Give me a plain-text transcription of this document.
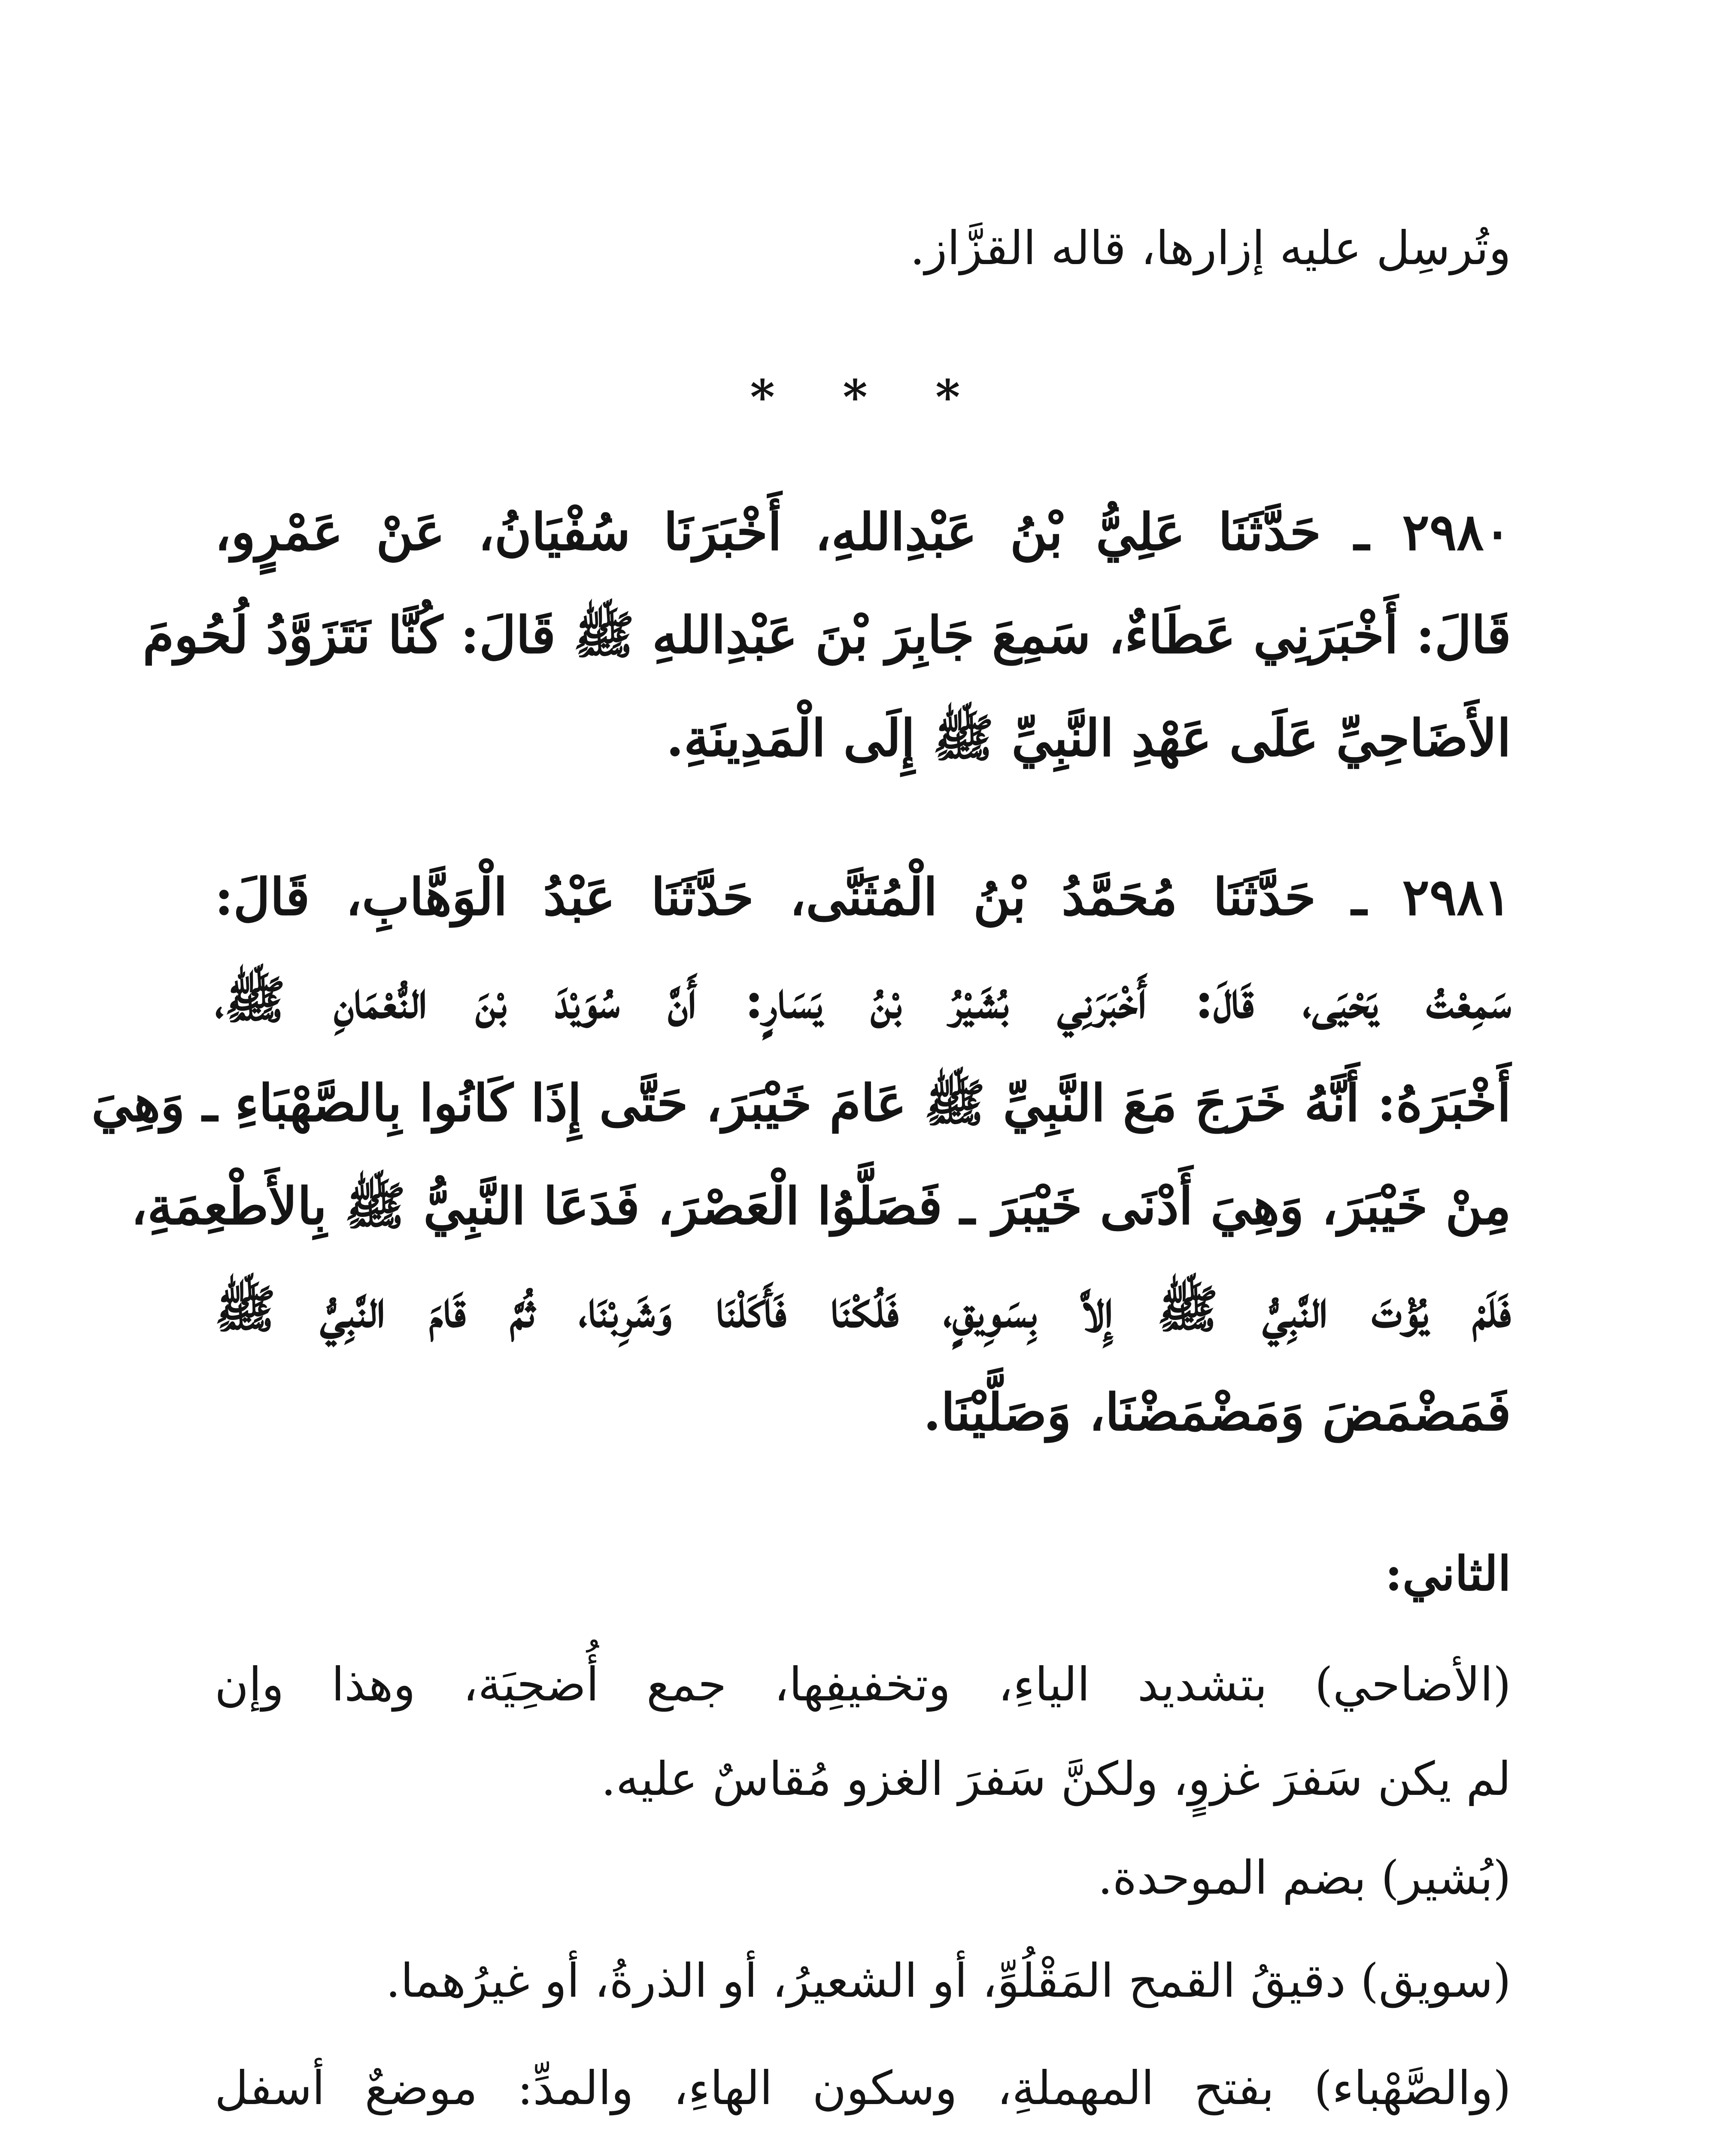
وتُرسِل عليه إزارها، قاله القزَّاز.
* * *
٢٩٨٠ ـ حَدَّثَنَا عَلِيُّ بْنُ عَبْدِاللهِ، أَخْبَرَنَا سُفْيَانُ، عَنْ عَمْرٍو،
قَالَ: أَخْبَرَنِي عَطَاءٌ، سَمِعَ جَابِرَ بْنَ عَبْدِاللهِ ﷺ قَالَ: كُنَّا نَتَزَوَّدُ لُحُومَ
الأَضَاحِيِّ عَلَى عَهْدِ النَّبِيِّ ﷺ إِلَى الْمَدِينَةِ.
٢٩٨١ ـ حَدَّثَنَا مُحَمَّدُ بْنُ الْمُثَنَّى، حَدَّثَنَا عَبْدُ الْوَهَّابِ، قَالَ:
سَمِعْتُ يَحْيَى، قَالَ: أَخْبَرَنِي بُشَيْرُ بْنُ يَسَارٍ: أَنَّ سُوَيْدَ بْنَ النُّعْمَانِ ﷺ،
أَخْبَرَهُ: أَنَّهُ خَرَجَ مَعَ النَّبِيِّ ﷺ عَامَ خَيْبَرَ، حَتَّى إِذَا كَانُوا بِالصَّهْبَاءِ ـ وَهِيَ
مِنْ خَيْبَرَ، وَهِيَ أَدْنَى خَيْبَرَ ـ فَصَلَّوُا الْعَصْرَ، فَدَعَا النَّبِيُّ ﷺ بِالأَطْعِمَةِ،
فَلَمْ يُؤْتَ النَّبِيُّ ﷺ إِلاَّ بِسَوِيقٍ، فَلُكْنَا فَأَكَلْنَا وَشَرِبْنَا، ثُمَّ قَامَ النَّبِيُّ ﷺ
فَمَضْمَضَ وَمَضْمَضْنَا، وَصَلَّيْنَا.
الثاني:
(الأضاحي) بتشديد الياءِ، وتخفيفِها، جمع أُضحِيَة، وهذا وإن
لم يكن سَفرَ غزوٍ، ولكنَّ سَفرَ الغزو مُقاسٌ عليه.
(بُشير) بضم الموحدة.
(سويق) دقيقُ القمح المَقْلُوِّ، أو الشعيرُ، أو الذرةُ، أو غيرُهما.
(والصَّهْباء) بفتح المهملةِ، وسكون الهاءِ، والمدِّ: موضعٌ أسفل
